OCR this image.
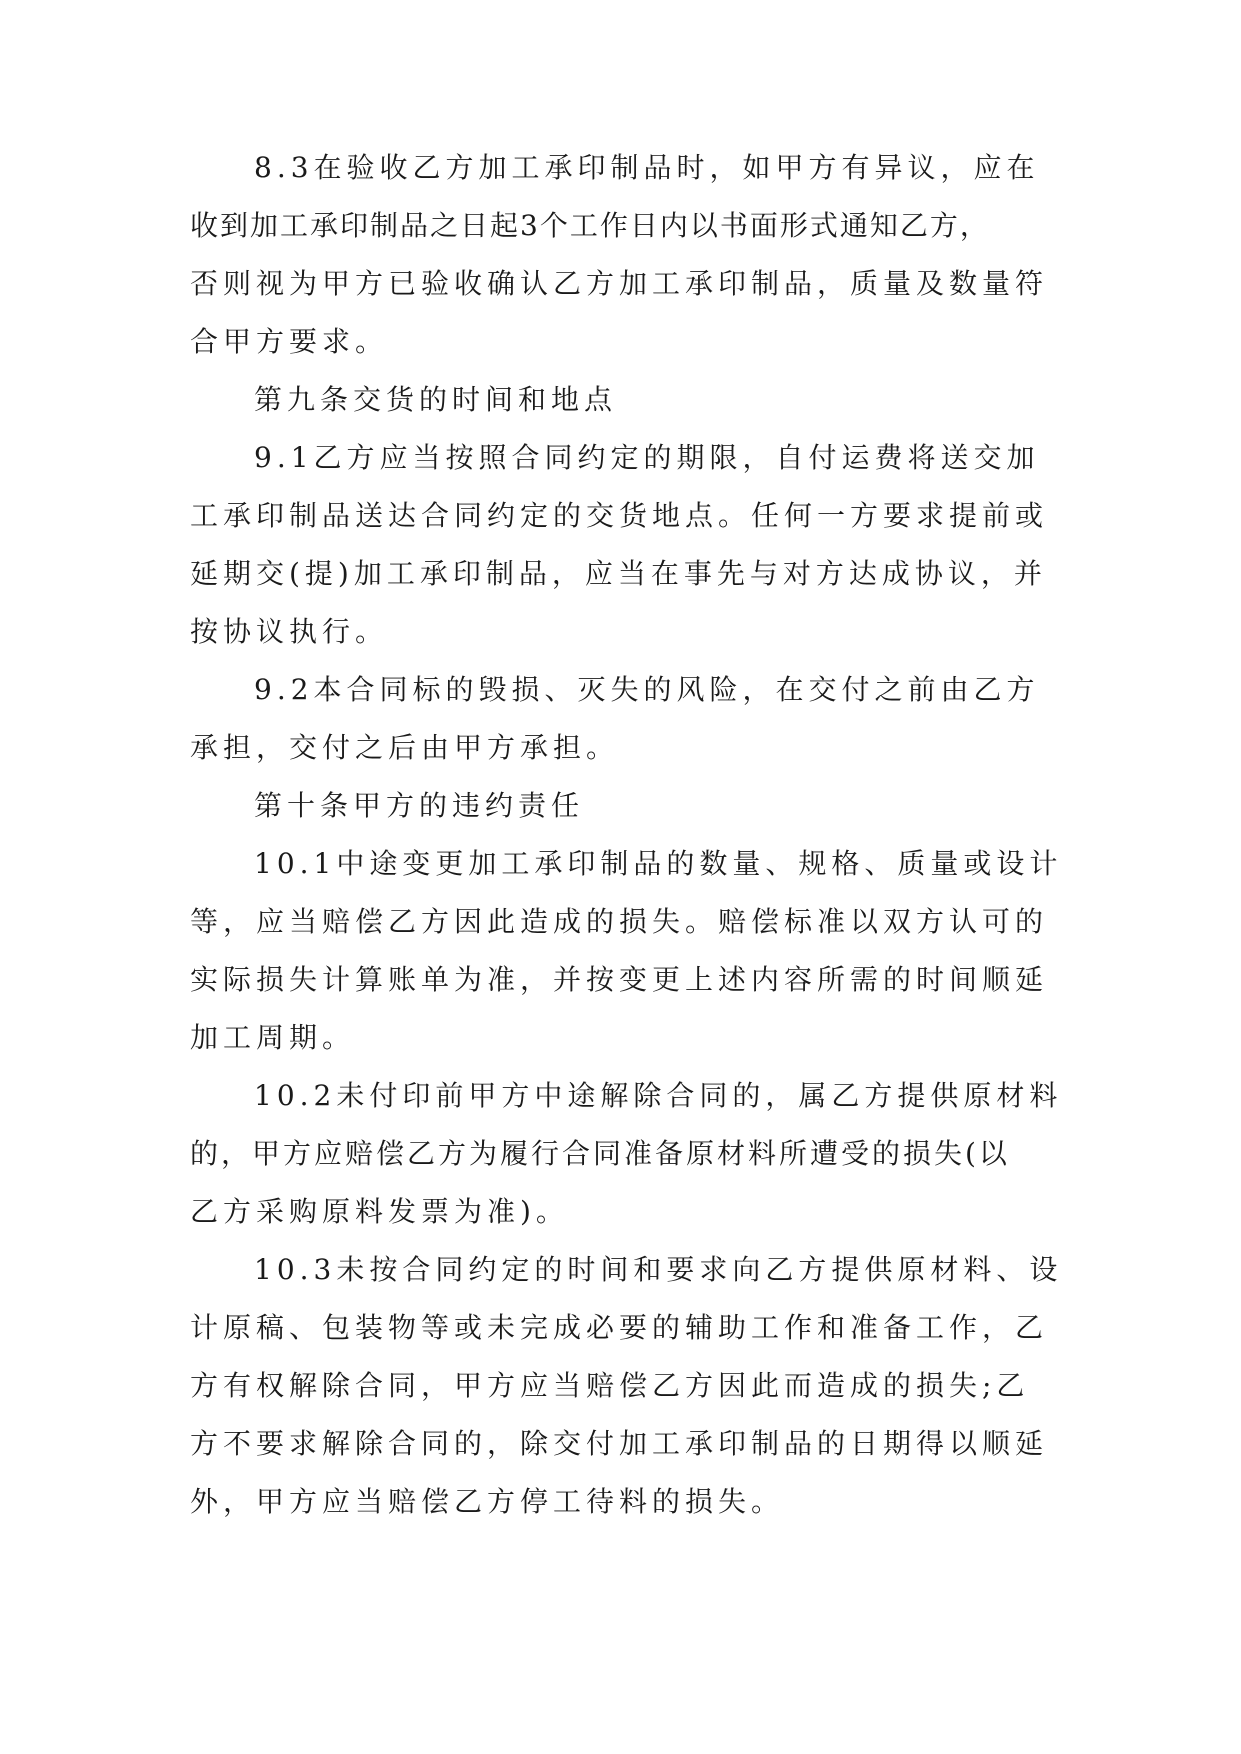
8.3在验收乙方加工承印制品时，如甲方有异议，应在

收到加工承印制品之日起3个工作日内以书面形式通知乙方，

否则视为甲方已验收确认乙方加工承印制品，质量及数量符

合甲方要求。

第九条交货的时间和地点

9.1乙方应当按照合同约定的期限，自付运费将送交加

工承印制品送达合同约定的交货地点。任何一方要求提前或

延期交(提)加工承印制品，应当在事先与对方达成协议，并

按协议执行。

9.2本合同标的毁损、灭失的风险，在交付之前由乙方

承担，交付之后由甲方承担。

第十条甲方的违约责任

10.1中途变更加工承印制品的数量、规格、质量或设计

等，应当赔偿乙方因此造成的损失。赔偿标准以双方认可的

实际损失计算账单为准，并按变更上述内容所需的时间顺延

加工周期。

10.2未付印前甲方中途解除合同的，属乙方提供原材料

的，甲方应赔偿乙方为履行合同准备原材料所遭受的损失(以

乙方采购原料发票为准)。

10.3未按合同约定的时间和要求向乙方提供原材料、设

计原稿、包装物等或未完成必要的辅助工作和准备工作，乙

方有权解除合同，甲方应当赔偿乙方因此而造成的损失;乙

方不要求解除合同的，除交付加工承印制品的日期得以顺延

外，甲方应当赔偿乙方停工待料的损失。
